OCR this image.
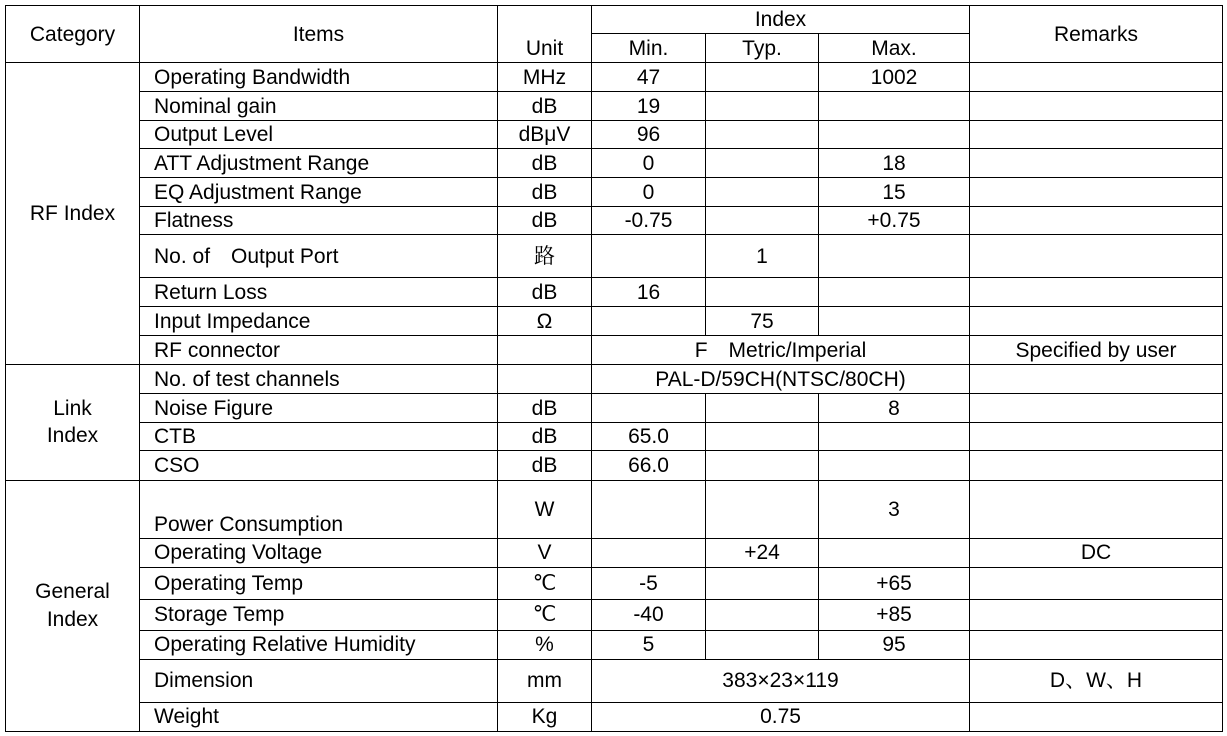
Category	Items	Unit	Index			Remarks
			Min.	Typ.	Max.	
RF Index	Operating Bandwidth	MHz	47		1002	
	Nominal gain	dB	19			
	Output Level	dBμV	96			
	ATT Adjustment Range	dB	0		18	
	EQ Adjustment Range	dB	0		15	
	Flatness	dB	-0.75		+0.75	
	No. of　Output Port	路		1		
	Return Loss	dB	16			
	Input Impedance	Ω		75		
	RF connector		F　Metric/Imperial			Specified by user
Link
Index	No. of test channels		PAL-D/59CH(NTSC/80CH)			
	Noise Figure	dB			8	
	CTB	dB	65.0			
	CSO	dB	66.0			
General
Index	Power Consumption	W			3	
	Operating Voltage	V		+24		DC
	Operating Temp	℃	-5		+65	
	Storage Temp	℃	-40		+85	
	Operating Relative Humidity	%	5		95	
	Dimension	mm	383×23×119			D、W、H
	Weight	Kg	0.75			
